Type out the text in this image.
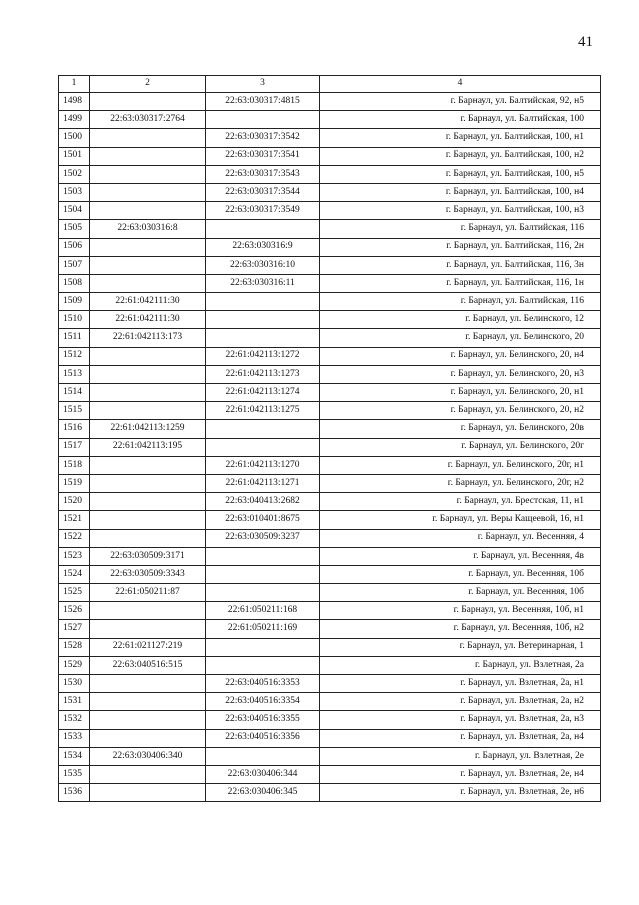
41
1	2	3	4
1498		22:63:030317:4815	г. Барнаул, ул. Балтийская, 92, н5
1499	22:63:030317:2764		г. Барнаул, ул. Балтийская, 100
1500		22:63:030317:3542	г. Барнаул, ул. Балтийская, 100, н1
1501		22:63:030317:3541	г. Барнаул, ул. Балтийская, 100, н2
1502		22:63:030317:3543	г. Барнаул, ул. Балтийская, 100, н5
1503		22:63:030317:3544	г. Барнаул, ул. Балтийская, 100, н4
1504		22:63:030317:3549	г. Барнаул, ул. Балтийская, 100, н3
1505	22:63:030316:8		г. Барнаул, ул. Балтийская, 116
1506		22:63:030316:9	г. Барнаул, ул. Балтийская, 116, 2н
1507		22:63:030316:10	г. Барнаул, ул. Балтийская, 116, 3н
1508		22:63:030316:11	г. Барнаул, ул. Балтийская, 116, 1н
1509	22:61:042111:30		г. Барнаул, ул. Балтийская, 116
1510	22:61:042111:30		г. Барнаул, ул. Белинского, 12
1511	22:61:042113:173		г. Барнаул, ул. Белинского, 20
1512		22:61:042113:1272	г. Барнаул, ул. Белинского, 20, н4
1513		22:61:042113:1273	г. Барнаул, ул. Белинского, 20, н3
1514		22:61:042113:1274	г. Барнаул, ул. Белинского, 20, н1
1515		22:61:042113:1275	г. Барнаул, ул. Белинского, 20, н2
1516	22:61:042113:1259		г. Барнаул, ул. Белинского, 20в
1517	22:61:042113:195		г. Барнаул, ул. Белинского, 20г
1518		22:61:042113:1270	г. Барнаул, ул. Белинского, 20г, н1
1519		22:61:042113:1271	г. Барнаул, ул. Белинского, 20г, н2
1520		22:63:040413:2682	г. Барнаул, ул. Брестская, 11, н1
1521		22:63:010401:8675	г. Барнаул, ул. Веры Кащеевой, 16, н1
1522		22:63:030509:3237	г. Барнаул, ул. Весенняя, 4
1523	22:63:030509:3171		г. Барнаул, ул. Весенняя, 4в
1524	22:63:030509:3343		г. Барнаул, ул. Весенняя, 10б
1525	22:61:050211:87		г. Барнаул, ул. Весенняя, 10б
1526		22:61:050211:168	г. Барнаул, ул. Весенняя, 10б, н1
1527		22:61:050211:169	г. Барнаул, ул. Весенняя, 10б, н2
1528	22:61:021127:219		г. Барнаул, ул. Ветеринарная, 1
1529	22:63:040516:515		г. Барнаул, ул. Взлетная, 2а
1530		22:63:040516:3353	г. Барнаул, ул. Взлетная, 2а, н1
1531		22:63:040516:3354	г. Барнаул, ул. Взлетная, 2а, н2
1532		22:63:040516:3355	г. Барнаул, ул. Взлетная, 2а, н3
1533		22:63:040516:3356	г. Барнаул, ул. Взлетная, 2а, н4
1534	22:63:030406:340		г. Барнаул, ул. Взлетная, 2е
1535		22:63:030406:344	г. Барнаул, ул. Взлетная, 2е, н4
1536		22:63:030406:345	г. Барнаул, ул. Взлетная, 2е, н6
